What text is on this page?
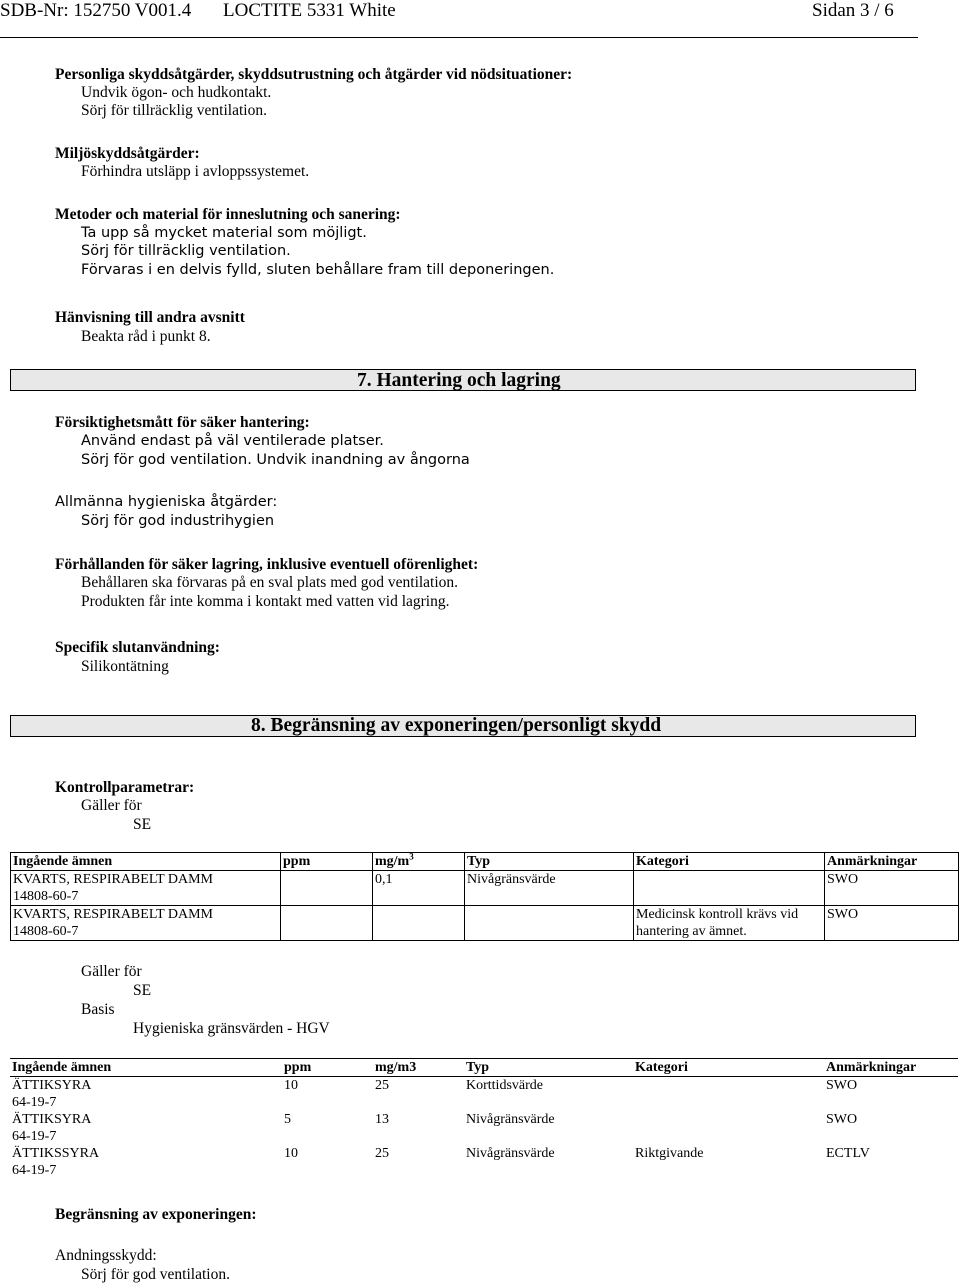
SDB-Nr: 152750 V001.4 LOCTITE 5331 White	Sidan 3 / 6
Personliga skyddsåtgärder, skyddsutrustning och åtgärder vid nödsituationer:
Undvik ögon- och hudkontakt.
Sörj för tillräcklig ventilation.
Miljöskyddsåtgärder:
Förhindra utsläpp i avloppssystemet.
Metoder och material för inneslutning och sanering:
Ta upp så mycket material som möjligt.
Sörj för tillräcklig ventilation.
Förvaras i en delvis fylld, sluten behållare fram till deponeringen.
Hänvisning till andra avsnitt
Beakta råd i punkt 8.
7. Hantering och lagring
Försiktighetsmått för säker hantering:
Använd endast på väl ventilerade platser.
Sörj för god ventilation. Undvik inandning av ångorna
Allmänna hygieniska åtgärder:
Sörj för god industrihygien
Förhållanden för säker lagring, inklusive eventuell oförenlighet:
Behållaren ska förvaras på en sval plats med god ventilation.
Produkten får inte komma i kontakt med vatten vid lagring.
Specifik slutanvändning:
Silikontätning
8. Begränsning av exponeringen/personligt skydd
Kontrollparametrar:
Gäller för
SE
Ingående ämnen	ppm	$mg/m^3$	Typ	Kategori	Anmärkningar

KVARTS, RESPIRABELT DAMM
14808-60-7		0,1	Nivågränsvärde		SWO

KVARTS, RESPIRABELT DAMM
14808-60-7				Medicinsk kontroll krävs vid hantering av ämnet.	SWO
Gäller för
SE
Basis
Hygieniska gränsvärden - HGV
Ingående ämnen	ppm	mg/m3	Typ	Kategori	Anmärkningar

ÄTTIKSYRA
64-19-7	10	25	Korttidsvärde		SWO

ÄTTIKSYRA
64-19-7	5	13	Nivågränsvärde		SWO

ÄTTIKSSYRA
64-19-7	10	25	Nivågränsvärde	Riktgivande	ECTLV
Begränsning av exponeringen:
Andningsskydd:
Sörj för god ventilation.
